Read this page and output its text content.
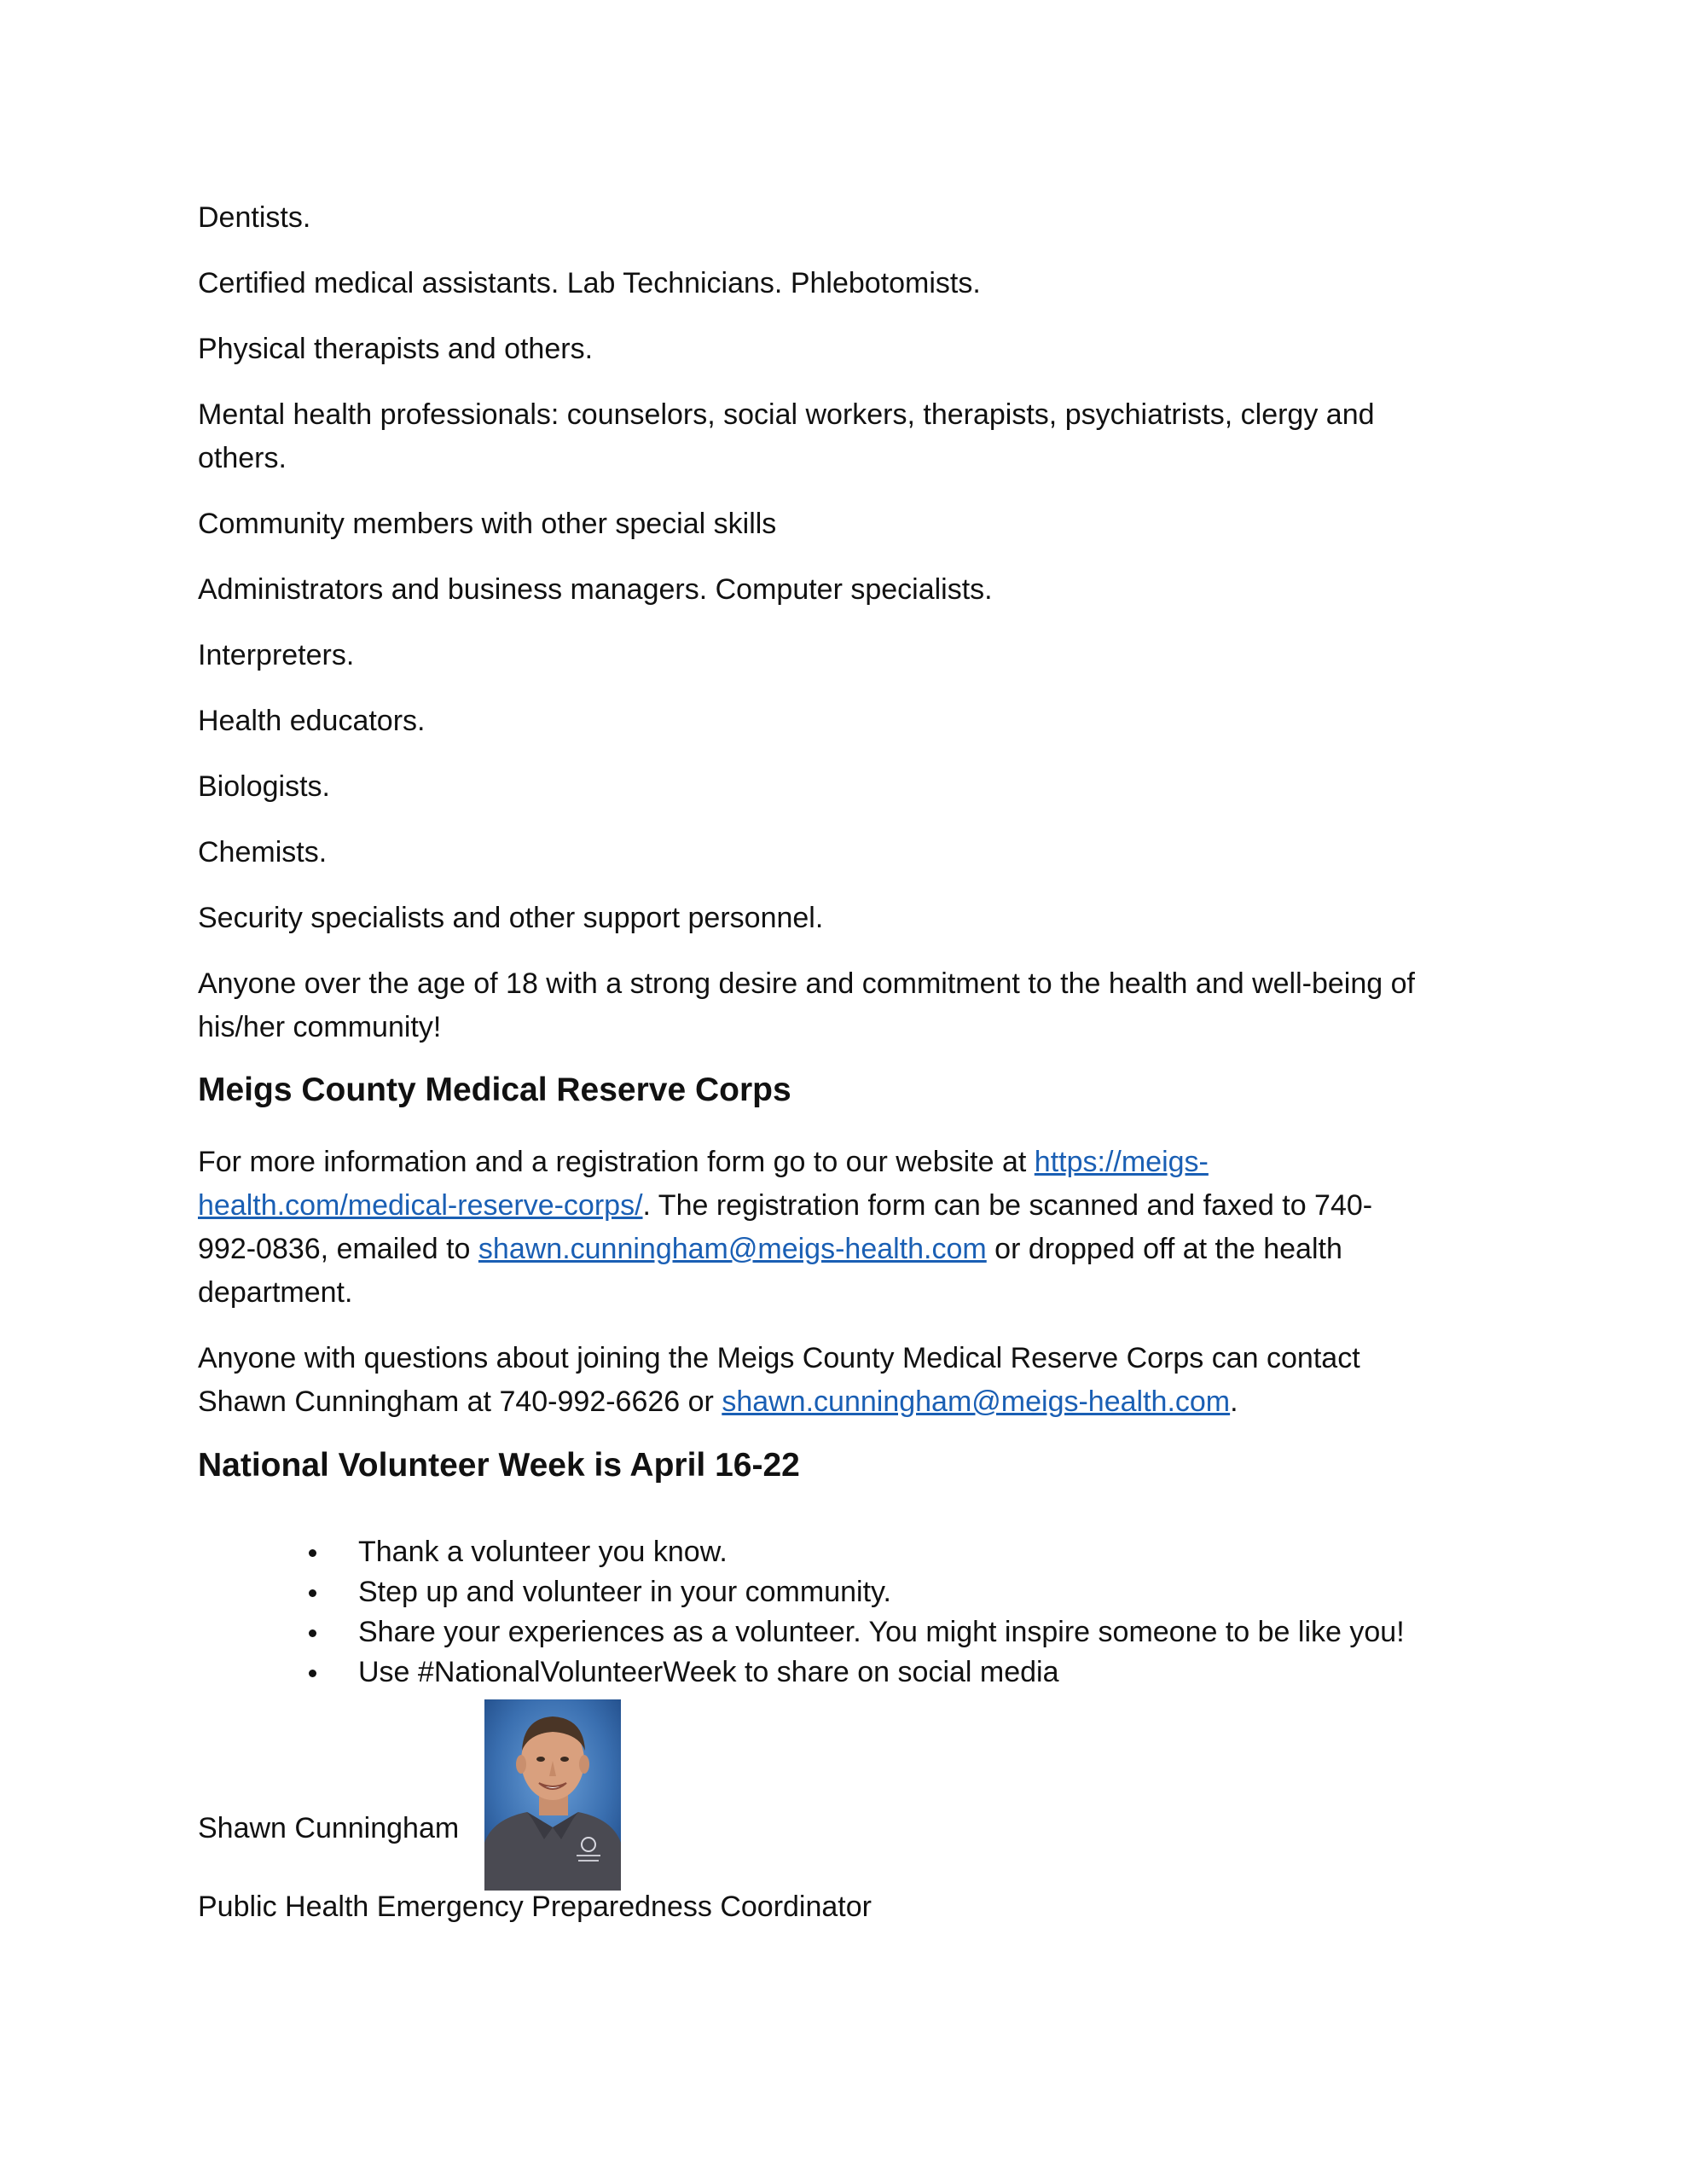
Dentists.
Certified medical assistants. Lab Technicians. Phlebotomists.
Physical therapists and others.
Mental health professionals: counselors, social workers, therapists, psychiatrists, clergy and
others.
Community members with other special skills
Administrators and business managers. Computer specialists.
Interpreters.
Health educators.
Biologists.
Chemists.
Security specialists and other support personnel.
Anyone over the age of 18 with a strong desire and commitment to the health and well-being of
his/her community!
Meigs County Medical Reserve Corps
For more information and a registration form go to our website at https://meigs-
health.com/medical-reserve-corps/. The registration form can be scanned and faxed to 740-
992-0836, emailed to shawn.cunningham@meigs-health.com or dropped off at the health
department.
Anyone with questions about joining the Meigs County Medical Reserve Corps can contact
Shawn Cunningham at 740-992-6626 or shawn.cunningham@meigs-health.com.
National Volunteer Week is April 16-22
Thank a volunteer you know.
Step up and volunteer in your community.
Share your experiences as a volunteer. You might inspire someone to be like you!
Use #NationalVolunteerWeek to share on social media
Shawn Cunningham
Public Health Emergency Preparedness Coordinator
